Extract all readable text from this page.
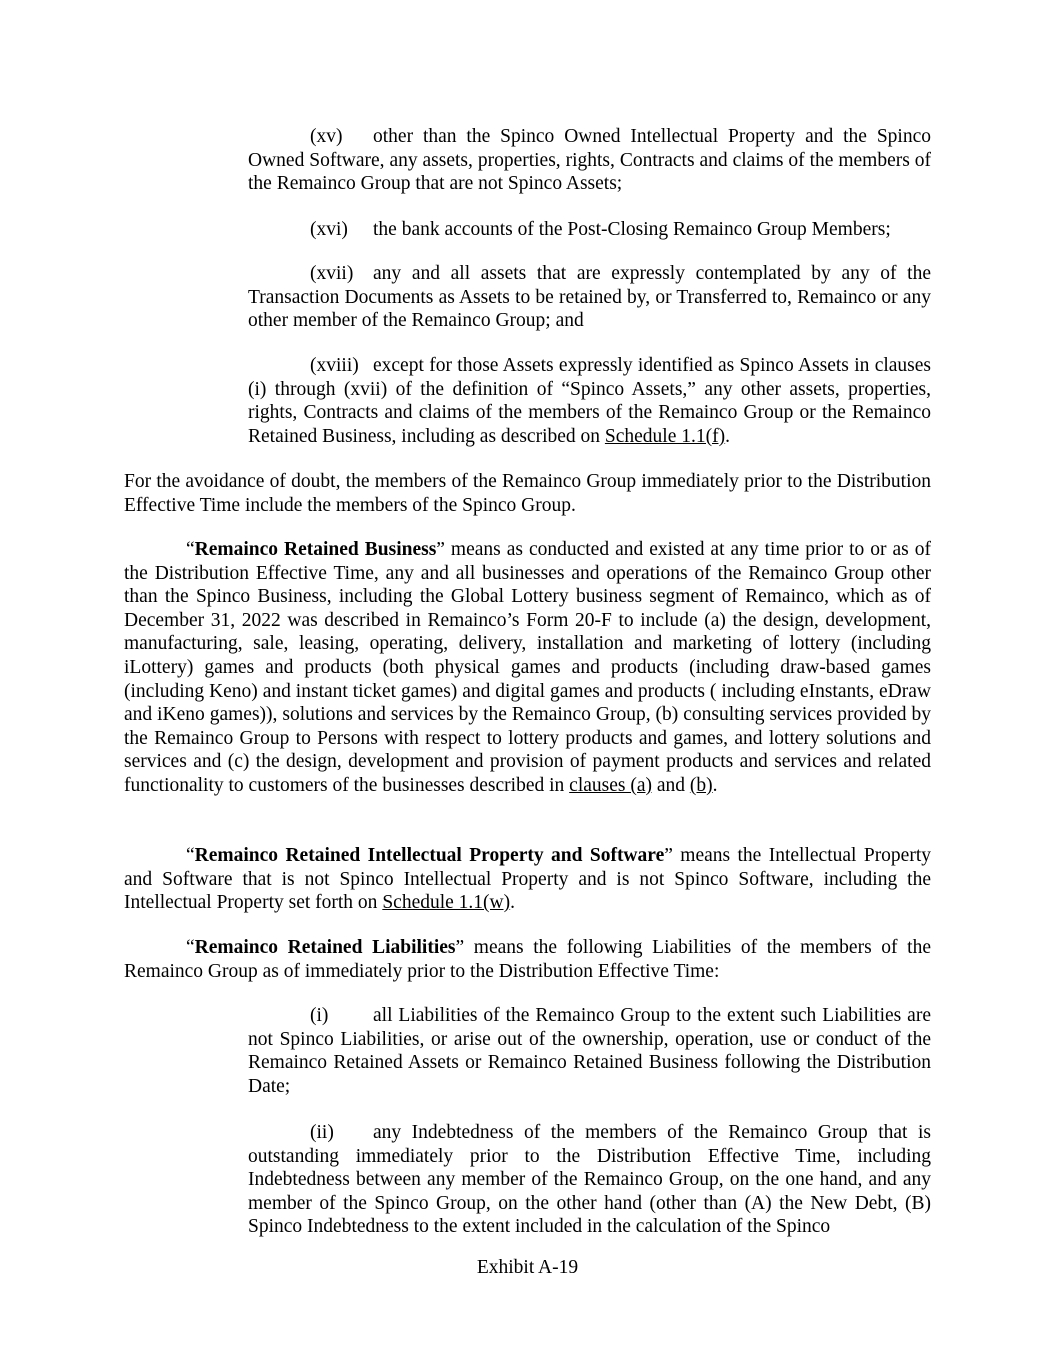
(xv) other than the Spinco Owned Intellectual Property and the Spinco Owned Software, any assets, properties, rights, Contracts and claims of the members of the Remainco Group that are not Spinco Assets;

(xvi) the bank accounts of the Post-Closing Remainco Group Members;

(xvii) any and all assets that are expressly contemplated by any of the Transaction Documents as Assets to be retained by, or Transferred to, Remainco or any other member of the Remainco Group; and

(xviii) except for those Assets expressly identified as Spinco Assets in clauses (i) through (xvii) of the definition of “Spinco Assets,” any other assets, properties, rights, Contracts and claims of the members of the Remainco Group or the Remainco Retained Business, including as described on Schedule 1.1(f).

For the avoidance of doubt, the members of the Remainco Group immediately prior to the Distribution Effective Time include the members of the Spinco Group.

“Remainco Retained Business” means as conducted and existed at any time prior to or as of the Distribution Effective Time, any and all businesses and operations of the Remainco Group other than the Spinco Business, including the Global Lottery business segment of Remainco, which as of December 31, 2022 was described in Remainco’s Form 20-F to include (a) the design, development, manufacturing, sale, leasing, operating, delivery, installation and marketing of lottery (including iLottery) games and products (both physical games and products (including draw-based games (including Keno) and instant ticket games) and digital games and products ( including eInstants, eDraw and iKeno games)), solutions and services by the Remainco Group, (b) consulting services provided by the Remainco Group to Persons with respect to lottery products and games, and lottery solutions and services and (c) the design, development and provision of payment products and services and related functionality to customers of the businesses described in clauses (a) and (b).

“Remainco Retained Intellectual Property and Software” means the Intellectual Property and Software that is not Spinco Intellectual Property and is not Spinco Software, including the Intellectual Property set forth on Schedule 1.1(w).

“Remainco Retained Liabilities” means the following Liabilities of the members of the Remainco Group as of immediately prior to the Distribution Effective Time:

(i) all Liabilities of the Remainco Group to the extent such Liabilities are not Spinco Liabilities, or arise out of the ownership, operation, use or conduct of the Remainco Retained Assets or Remainco Retained Business following the Distribution Date;

(ii) any Indebtedness of the members of the Remainco Group that is outstanding immediately prior to the Distribution Effective Time, including Indebtedness between any member of the Remainco Group, on the one hand, and any member of the Spinco Group, on the other hand (other than (A) the New Debt, (B) Spinco Indebtedness to the extent included in the calculation of the Spinco

Exhibit A-19
